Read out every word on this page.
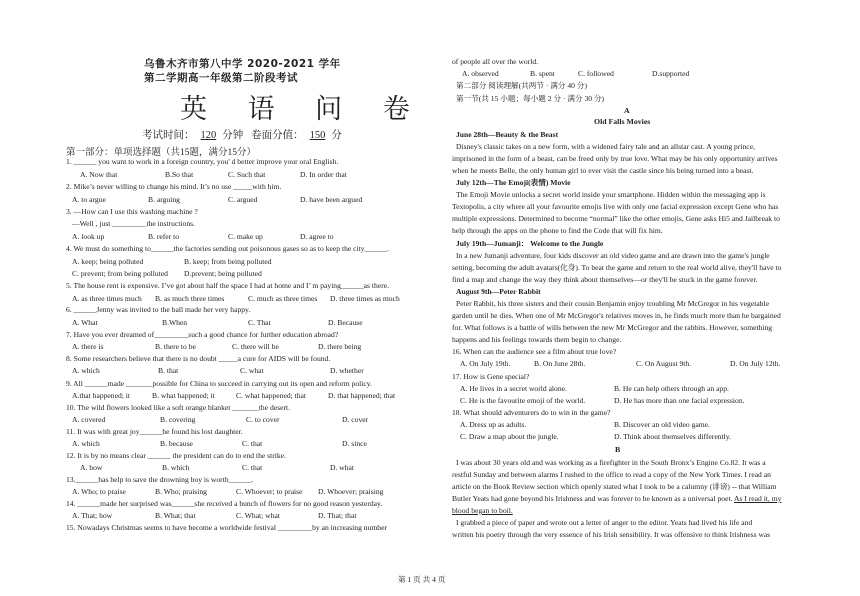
乌鲁木齐市第八中学 2020-2021 学年
第二学期高一年级第二阶段考试
英 语 问 卷
考试时间： 120 分钟 卷面分值： 150 分
第一部分：单项选择题（共15题，满分15分）
1. ______ you want to work in a foreign country, you' d better improve your oral English.
A. Now that	B.So that	C. Such that	D. In order that
2. Mike’s never willing to change his mind. It’s no use _____with him.
A. to argue	B. arguing	C. argued	D. have been argued
3. —How can I use this washing machine ?
—Well , just _________the instructions.
A. look up	B. refer to	C. make up	D. agree to
4. We must do something to______the factories sending out poisonous gases so as to keep the city______.
A. keep; being polluted	B. keep; from being polluted
C. prevent; from being polluted D.prevent; being polluted
5. The house rent is expensive. I’ve got about half the space I had at home and I’ m paying______as there.
A. as three times much B. as much three times	C. much as three times D. three times as much
6. ______Jenny was invited to the ball made her very happy.
A. What	B.When	C. That	D. Because
7. Have you ever dreamed of_________such a good chance for further education abroad?
A. there is	B. there to be	C. there will be	D. there being
8. Some researchers believe that there is no doubt _____a cure for AIDS will be found.
A. which	B. that	C. what	D. whether
9. All ______made _______possible for China to succeed in carrying out its open and reform policy.
A.that happened; it	B. what happened; it	C. what happened; that	D. that happened; that
10. The wild flowers looked like a soft orange blanket _______the desert.
A. covered	B. covering	C. to cover	D. cover
11. It was with great joy______he found his lost daughter.
A. which	B. because	C. that	D. since
12. It is by no means clear ______ the president can do to end the strike.
A. how	B. which	C. that	D. what
13.______has help to save the drowning boy is worth______.
A. Who; to praise	B. Who; praising	C. Whoever; to praise D. Whoever; praising
14. ______made her surprised was______she received a bunch of flowers for no good reason yesterday.
A. That; how	B. What; that	C. What; what	D. That; that
15. Nowadays Christmas seems to have become a worldwide festival _________by an increasing number
of people all over the world.
A. observed	B. spent	C. followed	D.supported
第二部分 阅读理解(共两节 · 满分 40 分)
第一节(共 15 小题；每小题 2 分 · 满分 30 分)
A
Old Falls Movies
June 28th—Beauty & the Beast
Disney's classic takes on a new form, with a widened fairy tale and an allstar cast. A young prince,
imprisoned in the form of a beast, can be freed only by true love. What may be his only opportunity arrives
when he meets Belle, the only human girl to ever visit the castle since his being turned into a beast.
July 12th—The Emoji(表情) Movie
The Emoji Movie unlocks a secret world inside your smartphone. Hidden within the messaging app is
Textopolis, a city where all your favourite emojis live with only one facial expression except Gene who has
multiple expressions. Determined to become “normal” like the other emojis, Gene asks Hi5 and Jailbreak to
help through the apps on the phone to find the Code that will fix him.
July 19th—Jumanji： Welcome to the Jungle
In a new Jumanji adventure, four kids discover an old video game and are drawn into the game's jungle
setting, becoming the adult avatars(化身). To beat the game and return to the real world alive, they'll have to
find a map and change the way they think about themselves—or they'll be stuck in the game forever.
August 9th—Peter Rabbit
Peter Rabbit, his three sisters and their cousin Benjamin enjoy troubling Mr McGregor in his vegetable
garden until he dies. When one of Mr McGregor's relatives moves in, he finds much more than he bargained
for. What follows is a battle of wills between the new Mr McGregor and the rabbits. However, something
happens and his feelings towards them begin to change.
16. When can the audience see a film about true love?
A. On July 19th.	B. On June 28th.	C. On August 9th.	D. On July 12th.
17. How is Gene special?
A. He lives in a secret world alone.	B. He can help others through an app.
C. He is the favourite emoji of the world.	D. He has more than one facial expression.
18. What should adventurers do to win in the game?
A. Dress up as adults.	B. Discover an old video game.
C. Draw a map about the jungle.	D. Think about themselves differently.
B
I was about 30 years old and was working as a firefighter in the South Bronx’s Engine Co.82. It was a
restful Sunday and between alarms I rushed to the office to read a copy of the New York Times. I read an
article on the Book Review section which openly stated what I took to be a calumny (诽谤) -- that William
Butler Yeats had gone beyond his Irishness and was forever to be known as a universal poet. As I read it, my
blood began to boil.
I grabbed a piece of paper and wrote out a letter of anger to the editor. Yeats had lived his life and
written his poetry through the very essence of his Irish sensibility. It was offensive to think Irishness was
第 1 页 共 4 页
